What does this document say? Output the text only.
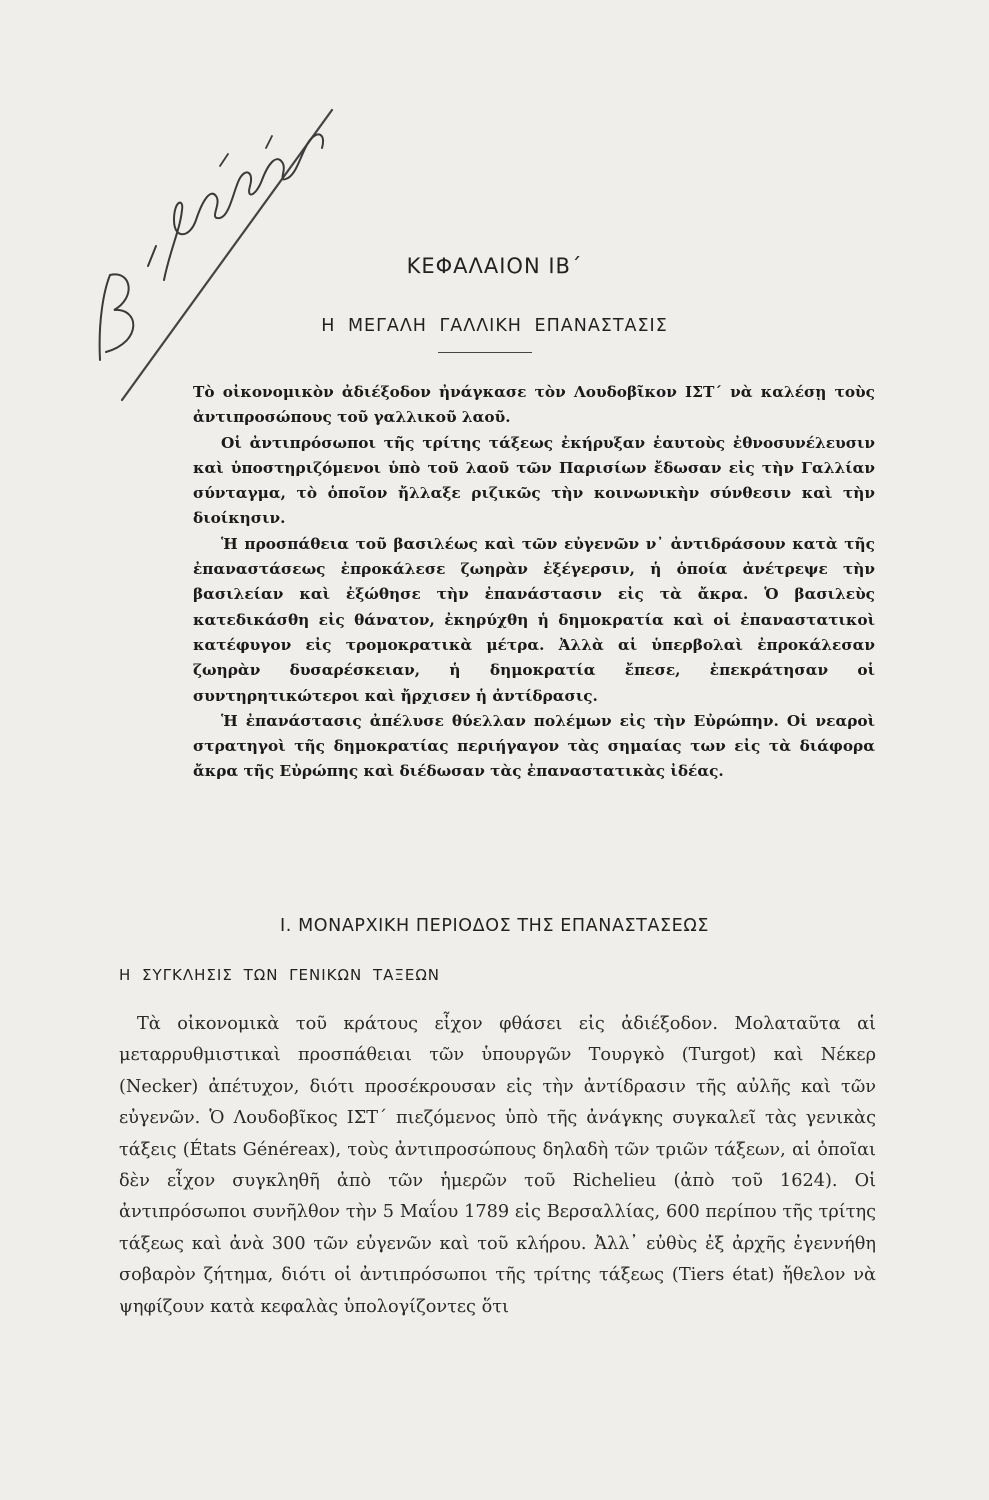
ΚΕΦΑΛΑΙΟΝ ΙΒ΄
Η ΜΕΓΑΛΗ ΓΑΛΛΙΚΗ ΕΠΑΝΑΣΤΑΣΙΣ

Τὸ οἰκονομικὸν ἀδιέξοδον ἠνάγκασε τὸν Λουδοβῖκον ΙΣΤ΄ νὰ καλέσῃ τοὺς ἀντιπροσώπους τοῦ γαλλικοῦ λαοῦ.

Οἱ ἀντιπρόσωποι τῆς τρίτης τάξεως ἐκήρυξαν ἑαυτοὺς ἐθνοσυνέλευσιν καὶ ὑποστηριζόμενοι ὑπὸ τοῦ λαοῦ τῶν Παρισίων ἔδωσαν εἰς τὴν Γαλλίαν σύνταγμα, τὸ ὁποῖον ἤλλαξε ριζικῶς τὴν κοινωνικὴν σύνθεσιν καὶ τὴν διοίκησιν.

Ἡ προσπάθεια τοῦ βασιλέως καὶ τῶν εὐγενῶν ν᾿ ἀντιδράσουν κατὰ τῆς ἐπαναστάσεως ἐπροκάλεσε ζωηρὰν ἐξέγερσιν, ἡ ὁποία ἀνέτρεψε τὴν βασιλείαν καὶ ἐξώθησε τὴν ἐπανάστασιν εἰς τὰ ἄκρα. Ὁ βασιλεὺς κατεδικάσθη εἰς θάνατον, ἐκηρύχθη ἡ δημοκρατία καὶ οἱ ἐπαναστατικοὶ κατέφυγον εἰς τρομοκρατικὰ μέτρα. Ἀλλὰ αἱ ὑπερβολαὶ ἐπροκάλεσαν ζωηρὰν δυσαρέσκειαν, ἡ δημοκρατία ἔπεσε, ἐπεκράτησαν οἱ συντηρητικώτεροι καὶ ἤρχισεν ἡ ἀντίδρασις.

Ἡ ἐπανάστασις ἀπέλυσε θύελλαν πολέμων εἰς τὴν Εὐρώπην. Οἱ νεαροὶ στρατηγοὶ τῆς δημοκρατίας περιήγαγον τὰς σημαίας των εἰς τὰ διάφορα ἄκρα τῆς Εὐρώπης καὶ διέδωσαν τὰς ἐπαναστατικὰς ἰδέας.

Ι. ΜΟΝΑΡΧΙΚΗ ΠΕΡΙΟΔΟΣ ΤΗΣ ΕΠΑΝΑΣΤΑΣΕΩΣ
Η ΣΥΓΚΛΗΣΙΣ ΤΩΝ ΓΕΝΙΚΩΝ ΤΑΞΕΩΝ

Τὰ οἰκονομικὰ τοῦ κράτους εἶχον φθάσει εἰς ἀδιέξοδον. Μολαταῦτα αἱ μεταρρυθμιστικαὶ προσπάθειαι τῶν ὑπουργῶν Τουργκὸ (Turgot) καὶ Νέκερ (Necker) ἀπέτυχον, διότι προσέκρουσαν εἰς τὴν ἀντίδρασιν τῆς αὐλῆς καὶ τῶν εὐγενῶν. Ὁ Λουδοβῖκος ΙΣΤ΄ πιεζόμενος ὑπὸ τῆς ἀνάγκης συγκαλεῖ τὰς γενικὰς τάξεις (États Généreax), τοὺς ἀντιπροσώπους δηλαδὴ τῶν τριῶν τάξεων, αἱ ὁποῖαι δὲν εἶχον συγκληθῆ ἀπὸ τῶν ἡμερῶν τοῦ Richelieu (ἀπὸ τοῦ 1624). Οἱ ἀντιπρόσωποι συνῆλθον τὴν 5 Μαΐου 1789 εἰς Βερσαλλίας, 600 περίπου τῆς τρίτης τάξεως καὶ ἀνὰ 300 τῶν εὐγενῶν καὶ τοῦ κλήρου. Ἀλλ᾿ εὐθὺς ἐξ ἀρχῆς ἐγεννήθη σοβαρὸν ζήτημα, διότι οἱ ἀντιπρόσωποι τῆς τρίτης τάξεως (Tiers état) ἤθελον νὰ ψηφίζουν κατὰ κεφαλὰς ὑπολογίζοντες ὅτι
